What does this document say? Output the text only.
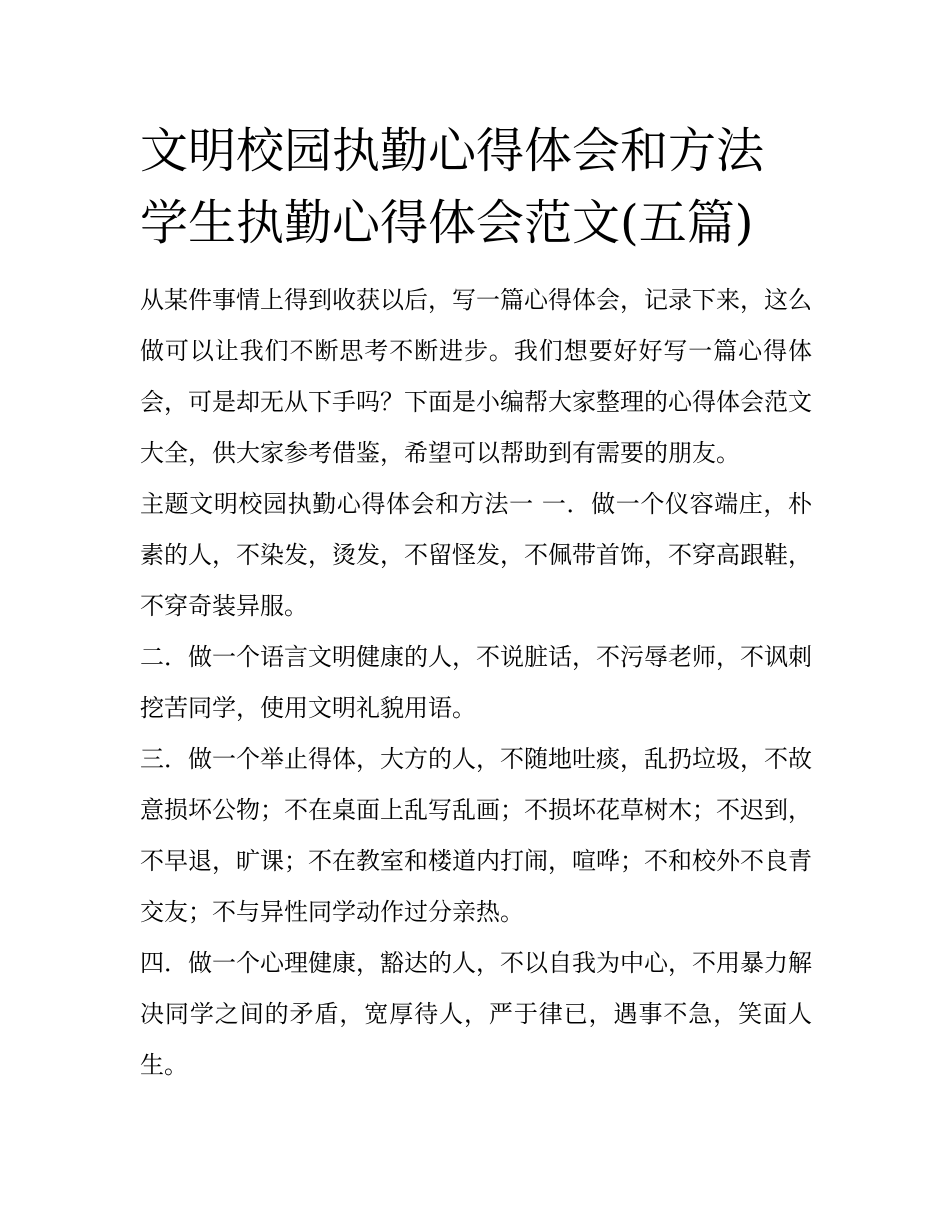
文明校园执勤心得体会和方法
学生执勤心得体会范文(五篇)

从某件事情上得到收获以后，写一篇心得体会，记录下来，这么做可以让我们不断思考不断进步。我们想要好好写一篇心得体会，可是却无从下手吗？下面是小编帮大家整理的心得体会范文大全，供大家参考借鉴，希望可以帮助到有需要的朋友。

主题文明校园执勤心得体会和方法一 一．做一个仪容端庄，朴素的人，不染发，烫发，不留怪发，不佩带首饰，不穿高跟鞋，不穿奇装异服。

二．做一个语言文明健康的人，不说脏话，不污辱老师，不讽刺挖苦同学，使用文明礼貌用语。

三．做一个举止得体，大方的人，不随地吐痰，乱扔垃圾，不故意损坏公物；不在桌面上乱写乱画；不损坏花草树木；不迟到，不早退，旷课；不在教室和楼道内打闹，喧哗；不和校外不良青交友；不与异性同学动作过分亲热。

四．做一个心理健康，豁达的人，不以自我为中心，不用暴力解决同学之间的矛盾，宽厚待人，严于律已，遇事不急，笑面人生。
